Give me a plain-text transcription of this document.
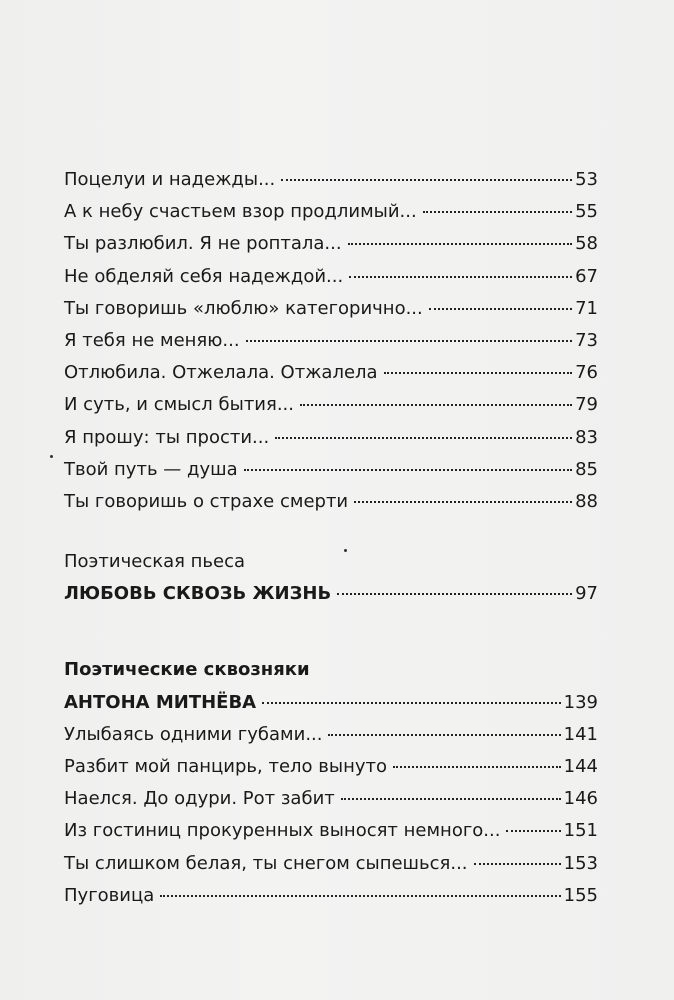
Поцелуи и надежды...	53
А к небу счастьем взор продлимый...	55
Ты разлюбил. Я не роптала...	58
Не обделяй себя надеждой...	67
Ты говоришь «люблю» категорично...	71
Я тебя не меняю...	73
Отлюбила. Отжелала. Отжалела	76
И суть, и смысл бытия...	79
Я прошу: ты прости...	83
Твой путь — душа	85
Ты говоришь о страхе смерти	88
Поэтическая пьеса
ЛЮБОВЬ СКВОЗЬ ЖИЗНЬ	97
Поэтические сквозняки
АНТОНА МИТНЁВА	139
Улыбаясь одними губами...	141
Разбит мой панцирь, тело вынуто	144
Наелся. До одури. Рот забит	146
Из гостиниц прокуренных выносят немного...	151
Ты слишком белая, ты снегом сыпешься...	153
Пуговица	155
